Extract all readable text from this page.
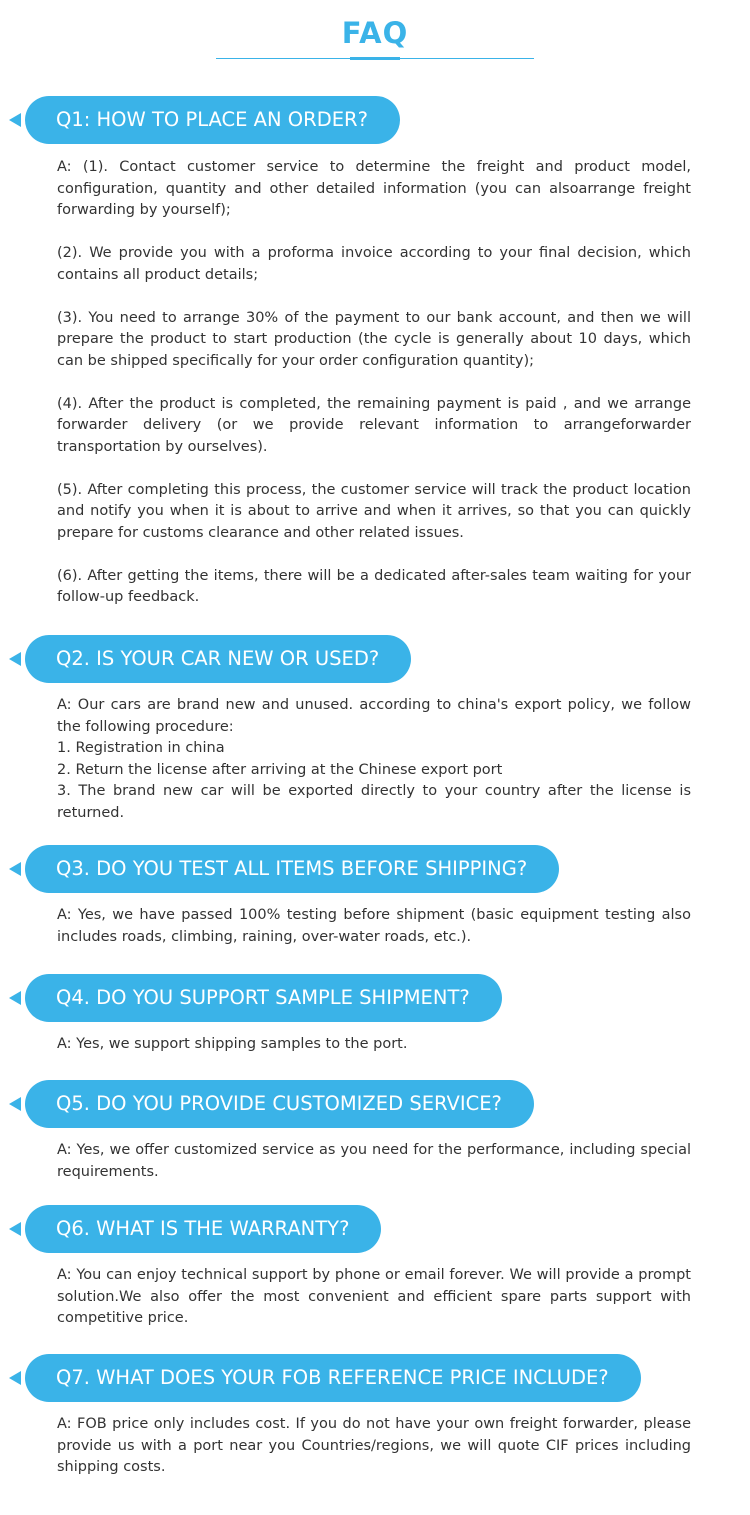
FAQ
Q1: HOW TO PLACE AN ORDER?

A: (1). Contact customer service to determine the freight and product model, configuration, quantity and other detailed information (you can alsoarrange freight forwarding by yourself);

(2). We provide you with a proforma invoice according to your final decision, which contains all product details;

(3). You need to arrange 30% of the payment to our bank account, and then we will prepare the product to start production (the cycle is generally about 10 days, which can be shipped specifically for your order configuration quantity);

(4). After the product is completed, the remaining payment is paid , and we arrange forwarder delivery (or we provide relevant information to arrangeforwarder transportation by ourselves).

(5). After completing this process, the customer service will track the product location and notify you when it is about to arrive and when it arrives, so that you can quickly prepare for customs clearance and other related issues.

(6). After getting the items, there will be a dedicated after-sales team waiting for your follow-up feedback.

Q2. IS YOUR CAR NEW OR USED?

A: Our cars are brand new and unused. according to china's export policy, we follow the following procedure:

1. Registration in china

2. Return the license after arriving at the Chinese export port

3. The brand new car will be exported directly to your country after the license is returned.

Q3. DO YOU TEST ALL ITEMS BEFORE SHIPPING?

A: Yes, we have passed 100% testing before shipment (basic equipment testing also includes roads, climbing, raining, over-water roads, etc.).

Q4. DO YOU SUPPORT SAMPLE SHIPMENT?

A: Yes, we support shipping samples to the port.

Q5. DO YOU PROVIDE CUSTOMIZED SERVICE?

A: Yes, we offer customized service as you need for the performance, including special requirements.

Q6. WHAT IS THE WARRANTY?

A: You can enjoy technical support by phone or email forever. We will provide a prompt solution.We also offer the most convenient and efficient spare parts support with competitive price.

Q7. WHAT DOES YOUR FOB REFERENCE PRICE INCLUDE?

A: FOB price only includes cost. If you do not have your own freight forwarder, please provide us with a port near you Countries/regions, we will quote CIF prices including shipping costs.
